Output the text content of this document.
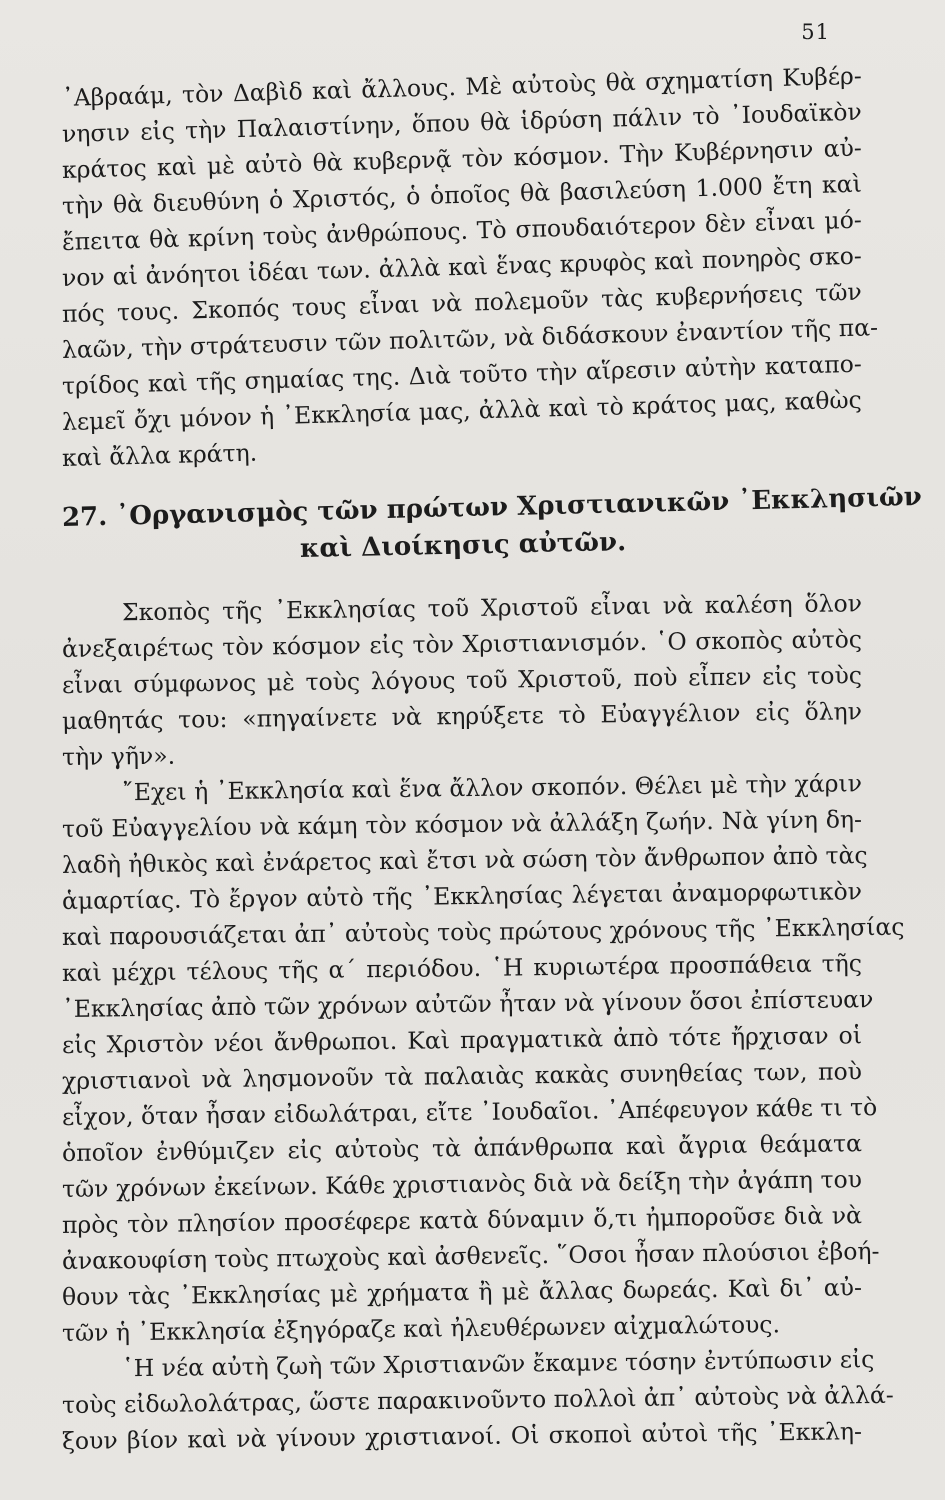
51
᾿Αβραάμ, τὸν Δαβὶδ καὶ ἄλλους. Μὲ αὐτοὺς θὰ σχηματίση Κυβέρ-
νησιν εἰς τὴν Παλαιστίνην, ὅπου θὰ ἱδρύση πάλιν τὸ ᾿Ιουδαϊκὸν
κράτος καὶ μὲ αὐτὸ θὰ κυβερνᾷ τὸν κόσμον. Τὴν Κυβέρνησιν αὐ-
τὴν θὰ διευθύνη ὁ Χριστός, ὁ ὁποῖος θὰ βασιλεύση 1.000 ἔτη καὶ
ἔπειτα θὰ κρίνη τοὺς ἀνθρώπους. Τὸ σπουδαιότερον δὲν εἶναι μό-
νον αἱ ἀνόητοι ἰδέαι των. ἀλλὰ καὶ ἕνας κρυφὸς καὶ πονηρὸς σκο-
πός τους. Σκοπός τους εἶναι νὰ πολεμοῦν τὰς κυβερνήσεις τῶν
λαῶν, τὴν στράτευσιν τῶν πολιτῶν, νὰ διδάσκουν ἐναντίον τῆς πα-
τρίδος καὶ τῆς σημαίας της. Διὰ τοῦτο τὴν αἵρεσιν αὐτὴν καταπο-
λεμεῖ ὄχι μόνον ἡ ᾿Εκκλησία μας, ἀλλὰ καὶ τὸ κράτος μας, καθὼς
καὶ ἄλλα κράτη.
27. ᾿Οργανισμὸς τῶν πρώτων Χριστιανικῶν ᾿Εκκλησιῶν
καὶ Διοίκησις αὐτῶν.
Σκοπὸς τῆς ᾿Εκκλησίας τοῦ Χριστοῦ εἶναι νὰ καλέση ὅλον
ἀνεξαιρέτως τὸν κόσμον εἰς τὸν Χριστιανισμόν. ῾Ο σκοπὸς αὐτὸς
εἶναι σύμφωνος μὲ τοὺς λόγους τοῦ Χριστοῦ, ποὺ εἶπεν εἰς τοὺς
μαθητάς του: «πηγαίνετε νὰ κηρύξετε τὸ Εὐαγγέλιον εἰς ὅλην
τὴν γῆν».
῎Εχει ἡ ᾿Εκκλησία καὶ ἕνα ἄλλον σκοπόν. Θέλει μὲ τὴν χάριν
τοῦ Εὐαγγελίου νὰ κάμη τὸν κόσμον νὰ ἀλλάξη ζωήν. Νὰ γίνη δη-
λαδὴ ἠθικὸς καὶ ἐνάρετος καὶ ἔτσι νὰ σώση τὸν ἄνθρωπον ἀπὸ τὰς
ἁμαρτίας. Τὸ ἔργον αὐτὸ τῆς ᾿Εκκλησίας λέγεται ἀναμορφωτικὸν
καὶ παρουσιάζεται ἀπ᾿ αὐτοὺς τοὺς πρώτους χρόνους τῆς ᾿Εκκλησίας
καὶ μέχρι τέλους τῆς α´ περιόδου. ῾Η κυριωτέρα προσπάθεια τῆς
᾿Εκκλησίας ἀπὸ τῶν χρόνων αὐτῶν ἦταν νὰ γίνουν ὅσοι ἐπίστευαν
εἰς Χριστὸν νέοι ἄνθρωποι. Καὶ πραγματικὰ ἀπὸ τότε ἤρχισαν οἱ
χριστιανοὶ νὰ λησμονοῦν τὰ παλαιὰς κακὰς συνηθείας των, ποὺ
εἶχον, ὅταν ἦσαν εἰδωλάτραι, εἴτε ᾿Ιουδαῖοι. ᾿Απέφευγον κάθε τι τὸ
ὁποῖον ἐνθύμιζεν εἰς αὐτοὺς τὰ ἀπάνθρωπα καὶ ἄγρια θεάματα
τῶν χρόνων ἐκείνων. Κάθε χριστιανὸς διὰ νὰ δείξη τὴν ἀγάπη του
πρὸς τὸν πλησίον προσέφερε κατὰ δύναμιν ὅ,τι ἠμποροῦσε διὰ νὰ
ἀνακουφίση τοὺς πτωχοὺς καὶ ἀσθενεῖς. ῞Οσοι ἦσαν πλούσιοι ἐβοή-
θουν τὰς ᾿Εκκλησίας μὲ χρήματα ἢ μὲ ἄλλας δωρεάς. Καὶ δι᾿ αὐ-
τῶν ἡ ᾿Εκκλησία ἐξηγόραζε καὶ ἠλευθέρωνεν αἰχμαλώτους.
῾Η νέα αὐτὴ ζωὴ τῶν Χριστιανῶν ἔκαμνε τόσην ἐντύπωσιν εἰς
τοὺς εἰδωλολάτρας, ὥστε παρακινοῦντο πολλοὶ ἀπ᾿ αὐτοὺς νὰ ἀλλά-
ξουν βίον καὶ νὰ γίνουν χριστιανοί. Οἱ σκοποὶ αὐτοὶ τῆς ᾿Εκκλη-
